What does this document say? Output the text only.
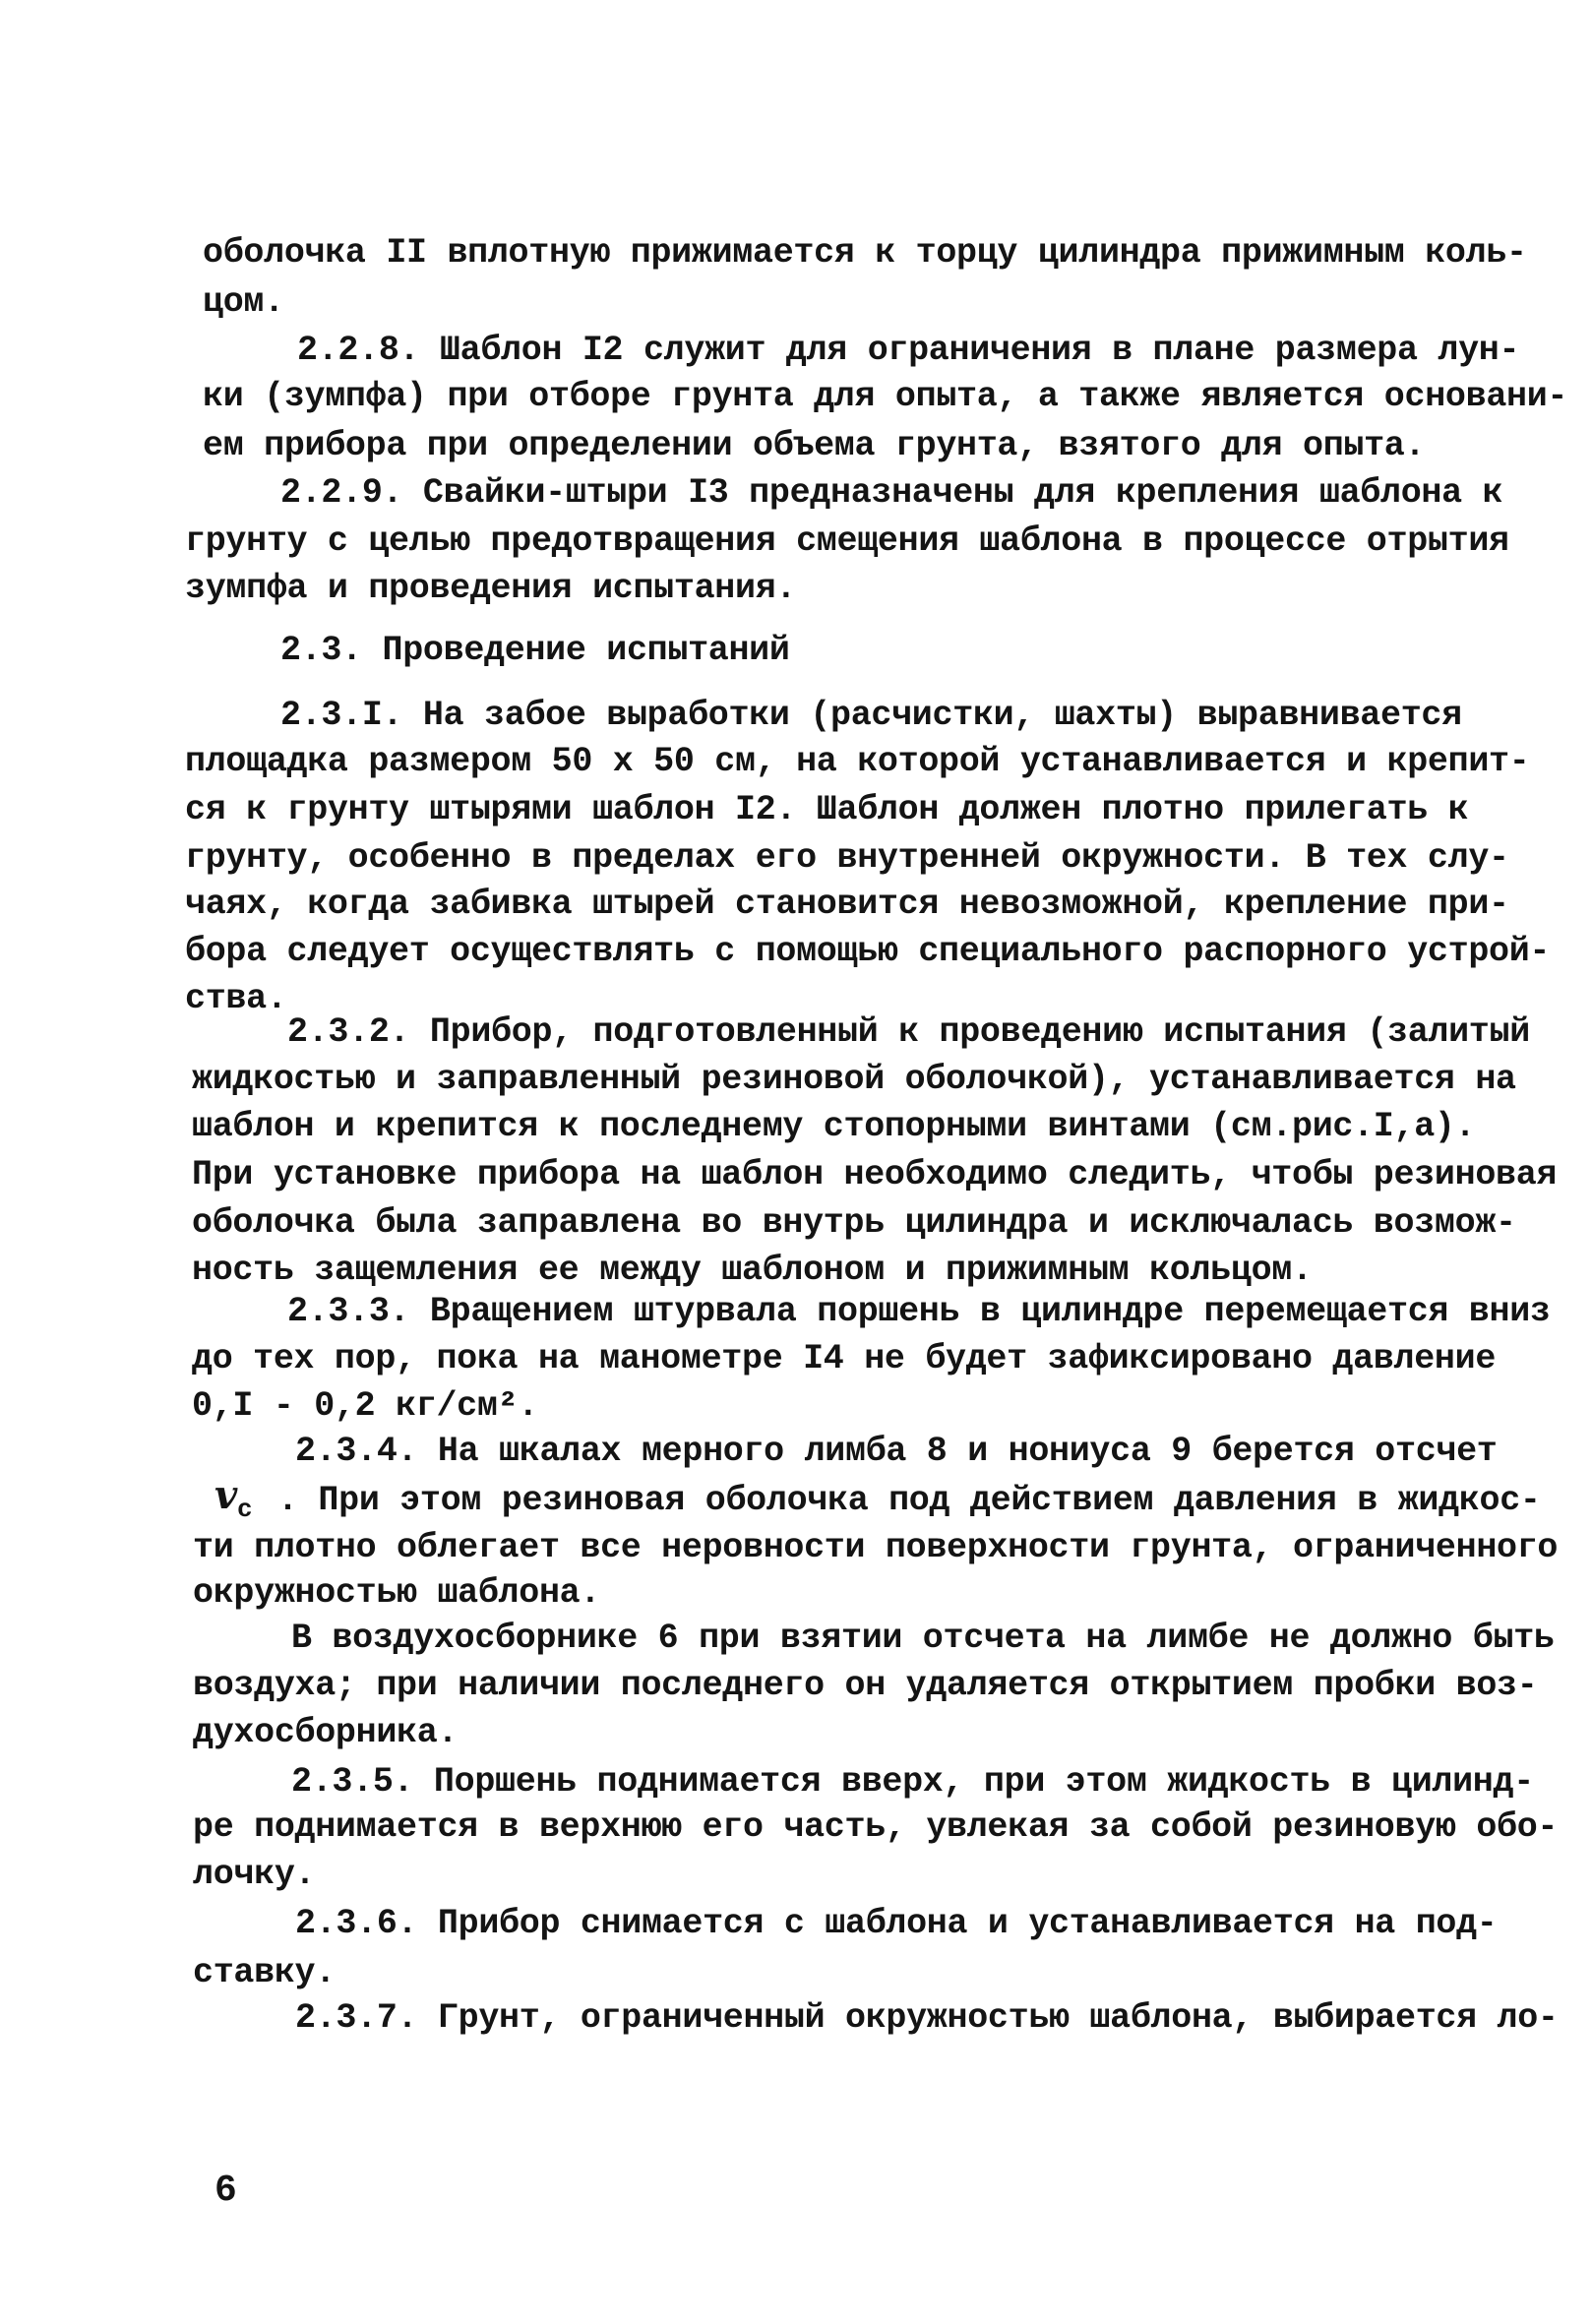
оболочка II вплотную прижимается к торцу цилиндра прижимным коль-
цом.
2.2.8. Шаблон I2 служит для ограничения в плане размера лун-
ки (зумпфа) при отборе грунта для опыта, а также является основани-
ем прибора при определении объема грунта, взятого для опыта.
2.2.9. Свайки-штыри I3 предназначены для крепления шаблона к
грунту с целью предотвращения смещения шаблона в процессе отрытия
зумпфа и проведения испытания.
2.3. Проведение испытаний
2.3.I. На забое выработки (расчистки, шахты) выравнивается
площадка размером 50 х 50 см, на которой устанавливается и крепит-
ся к грунту штырями шаблон I2. Шаблон должен плотно прилегать к
грунту, особенно в пределах его внутренней окружности. В тех слу-
чаях, когда забивка штырей становится невозможной, крепление при-
бора следует осуществлять с помощью специального распорного устрой-
ства.
2.3.2. Прибор, подготовленный к проведению испытания (залитый
жидкостью и заправленный резиновой оболочкой), устанавливается на
шаблон и крепится к последнему стопорными винтами (см.рис.I,а).
При установке прибора на шаблон необходимо следить, чтобы резиновая
оболочка была заправлена во внутрь цилиндра и исключалась возмож-
ность защемления ее между шаблоном и прижимным кольцом.
2.3.3. Вращением штурвала поршень в цилиндре перемещается вниз
до тех пор, пока на манометре I4 не будет зафиксировано давление
0,I - 0,2 кг/см².
2.3.4. На шкалах мерного лимба 8 и нониуса 9 берется отсчет
$v_c$ . При этом резиновая оболочка под действием давления в жидкос-
ти плотно облегает все неровности поверхности грунта, ограниченного
окружностью шаблона.
В воздухосборнике 6 при взятии отсчета на лимбе не должно быть
воздуха; при наличии последнего он удаляется открытием пробки воз-
духосборника.
2.3.5. Поршень поднимается вверх, при этом жидкость в цилинд-
ре поднимается в верхнюю его часть, увлекая за собой резиновую обо-
лочку.
2.3.6. Прибор снимается с шаблона и устанавливается на под-
ставку.
2.3.7. Грунт, ограниченный окружностью шаблона, выбирается ло-
6
